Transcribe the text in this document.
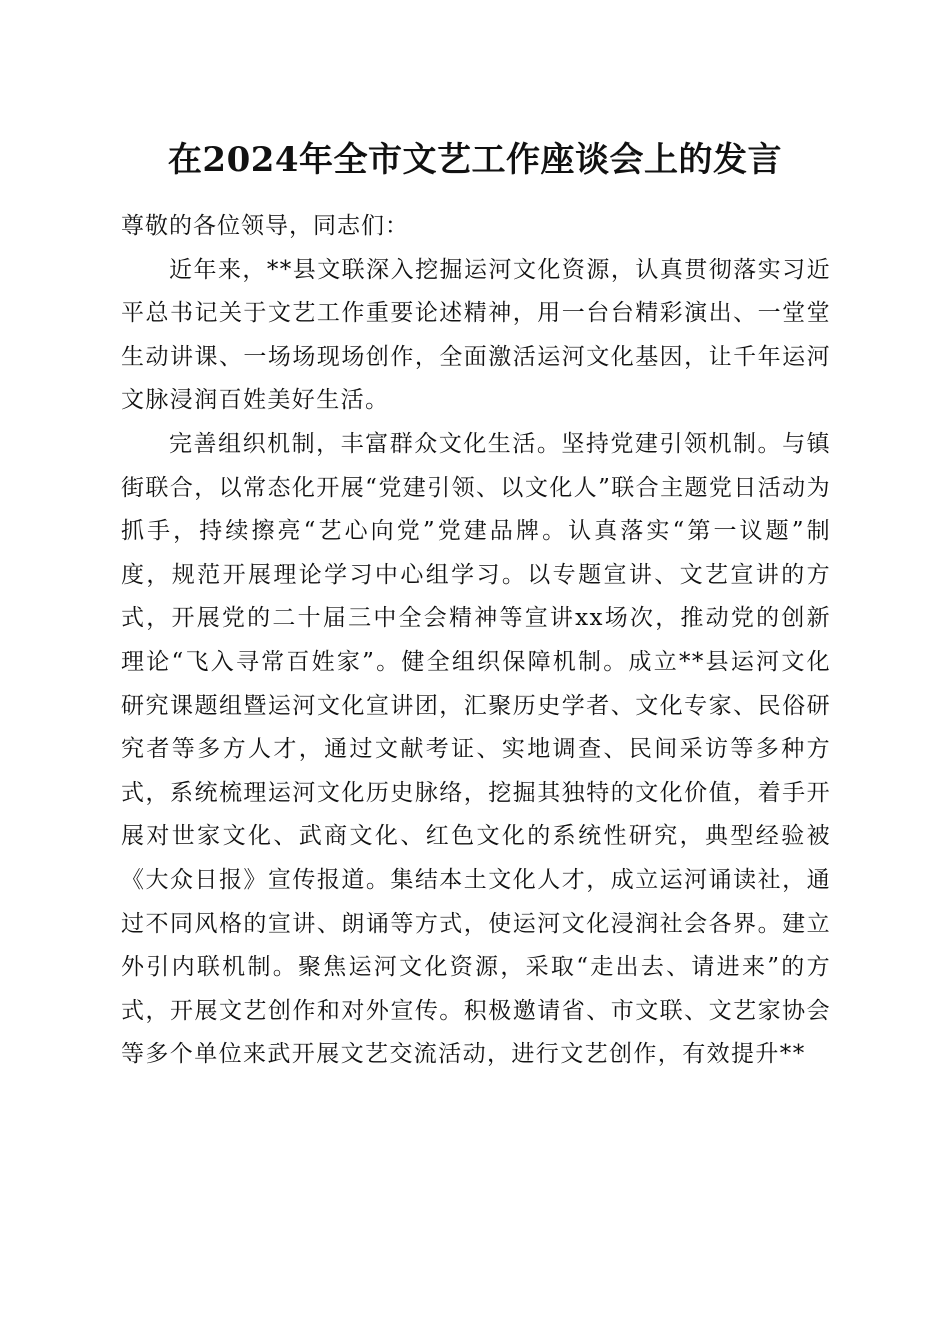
在2024年全市文艺工作座谈会上的发言

尊敬的各位领导，同志们：

近年来，**县文联深入挖掘运河文化资源，认真贯彻落实习近平总书记关于文艺工作重要论述精神，用一台台精彩演出、一堂堂生动讲课、一场场现场创作，全面激活运河文化基因，让千年运河文脉浸润百姓美好生活。

完善组织机制，丰富群众文化生活。坚持党建引领机制。与镇街联合，以常态化开展“党建引领、以文化人”联合主题党日活动为抓手，持续擦亮“艺心向党”党建品牌。认真落实“第一议题”制度，规范开展理论学习中心组学习。以专题宣讲、文艺宣讲的方式，开展党的二十届三中全会精神等宣讲xx场次，推动党的创新理论“飞入寻常百姓家”。健全组织保障机制。成立**县运河文化研究课题组暨运河文化宣讲团，汇聚历史学者、文化专家、民俗研究者等多方人才，通过文献考证、实地调查、民间采访等多种方式，系统梳理运河文化历史脉络，挖掘其独特的文化价值，着手开展对世家文化、武商文化、红色文化的系统性研究，典型经验被《大众日报》宣传报道。集结本土文化人才，成立运河诵读社，通过不同风格的宣讲、朗诵等方式，使运河文化浸润社会各界。建立外引内联机制。聚焦运河文化资源，采取“走出去、请进来”的方式，开展文艺创作和对外宣传。积极邀请省、市文联、文艺家协会等多个单位来武开展文艺交流活动，进行文艺创作，有效提升**
